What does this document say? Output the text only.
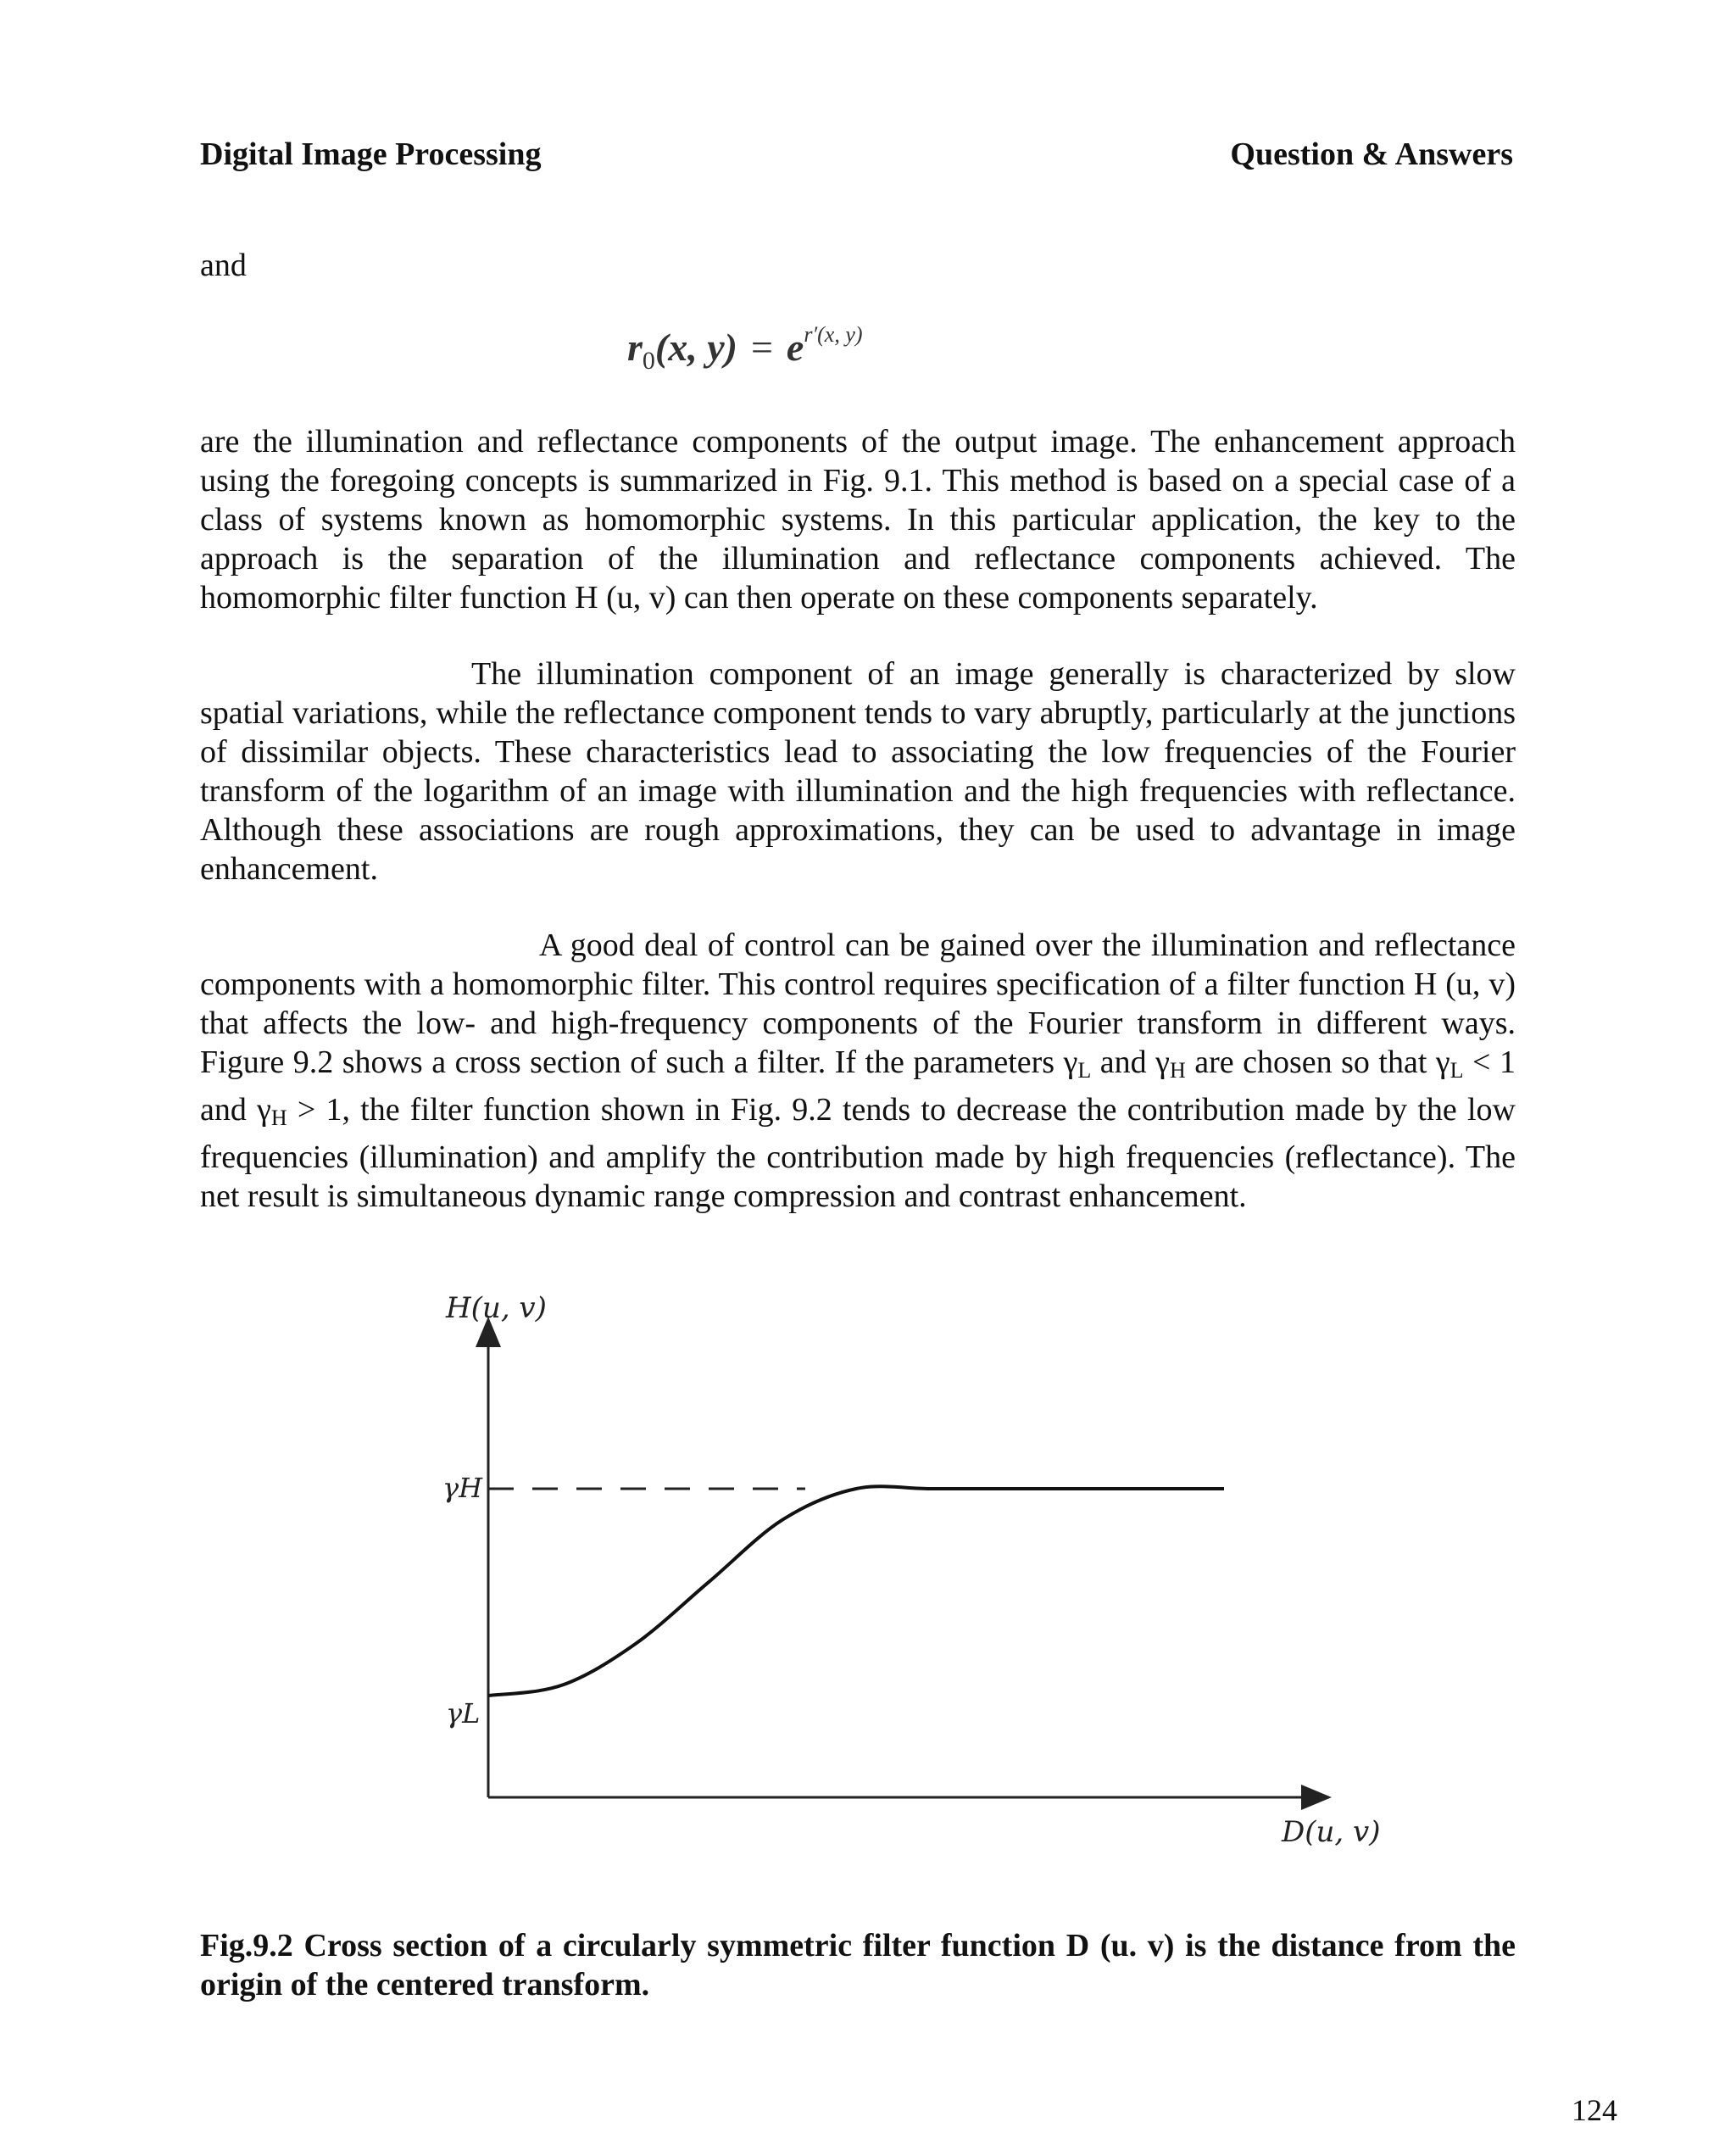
Digital Image Processing	Question & Answers
and
$r_0(x$, $y) = e^{r'(x, y)}$
are the illumination and reflectance components of the output image. The enhancement approach using the foregoing concepts is summarized in Fig. 9.1. This method is based on a special case of a class of systems known as homomorphic systems. In this particular application, the key to the approach is the separation of the illumination and reflectance components achieved. The homomorphic filter function H (u, v) can then operate on these components separately.
The illumination component of an image generally is characterized by slow spatial variations, while the reflectance component tends to vary abruptly, particularly at the junctions of dissimilar objects. These characteristics lead to associating the low frequencies of the Fourier transform of the logarithm of an image with illumination and the high frequencies with reflectance. Although these associations are rough approximations, they can be used to advantage in image enhancement.
A good deal of control can be gained over the illumination and reflectance components with a homomorphic filter. This control requires specification of a filter function H (u, v) that affects the low- and high-frequency components of the Fourier transform in different ways. Figure 9.2 shows a cross section of such a filter. If the parameters $\gamma_L$ and $\gamma_H$ are chosen so that $\gamma_L < 1$ and $\gamma_H > 1$, the filter function shown in Fig. 9.2 tends to decrease the contribution made by the low frequencies (illumination) and amplify the contribution made by high frequencies (reflectance). The net result is simultaneous dynamic range compression and contrast enhancement.
H(u, v)
D(u, v)
γH
γL
Fig.9.2 Cross section of a circularly symmetric filter function D (u. v) is the distance from the origin of the centered transform.
124
